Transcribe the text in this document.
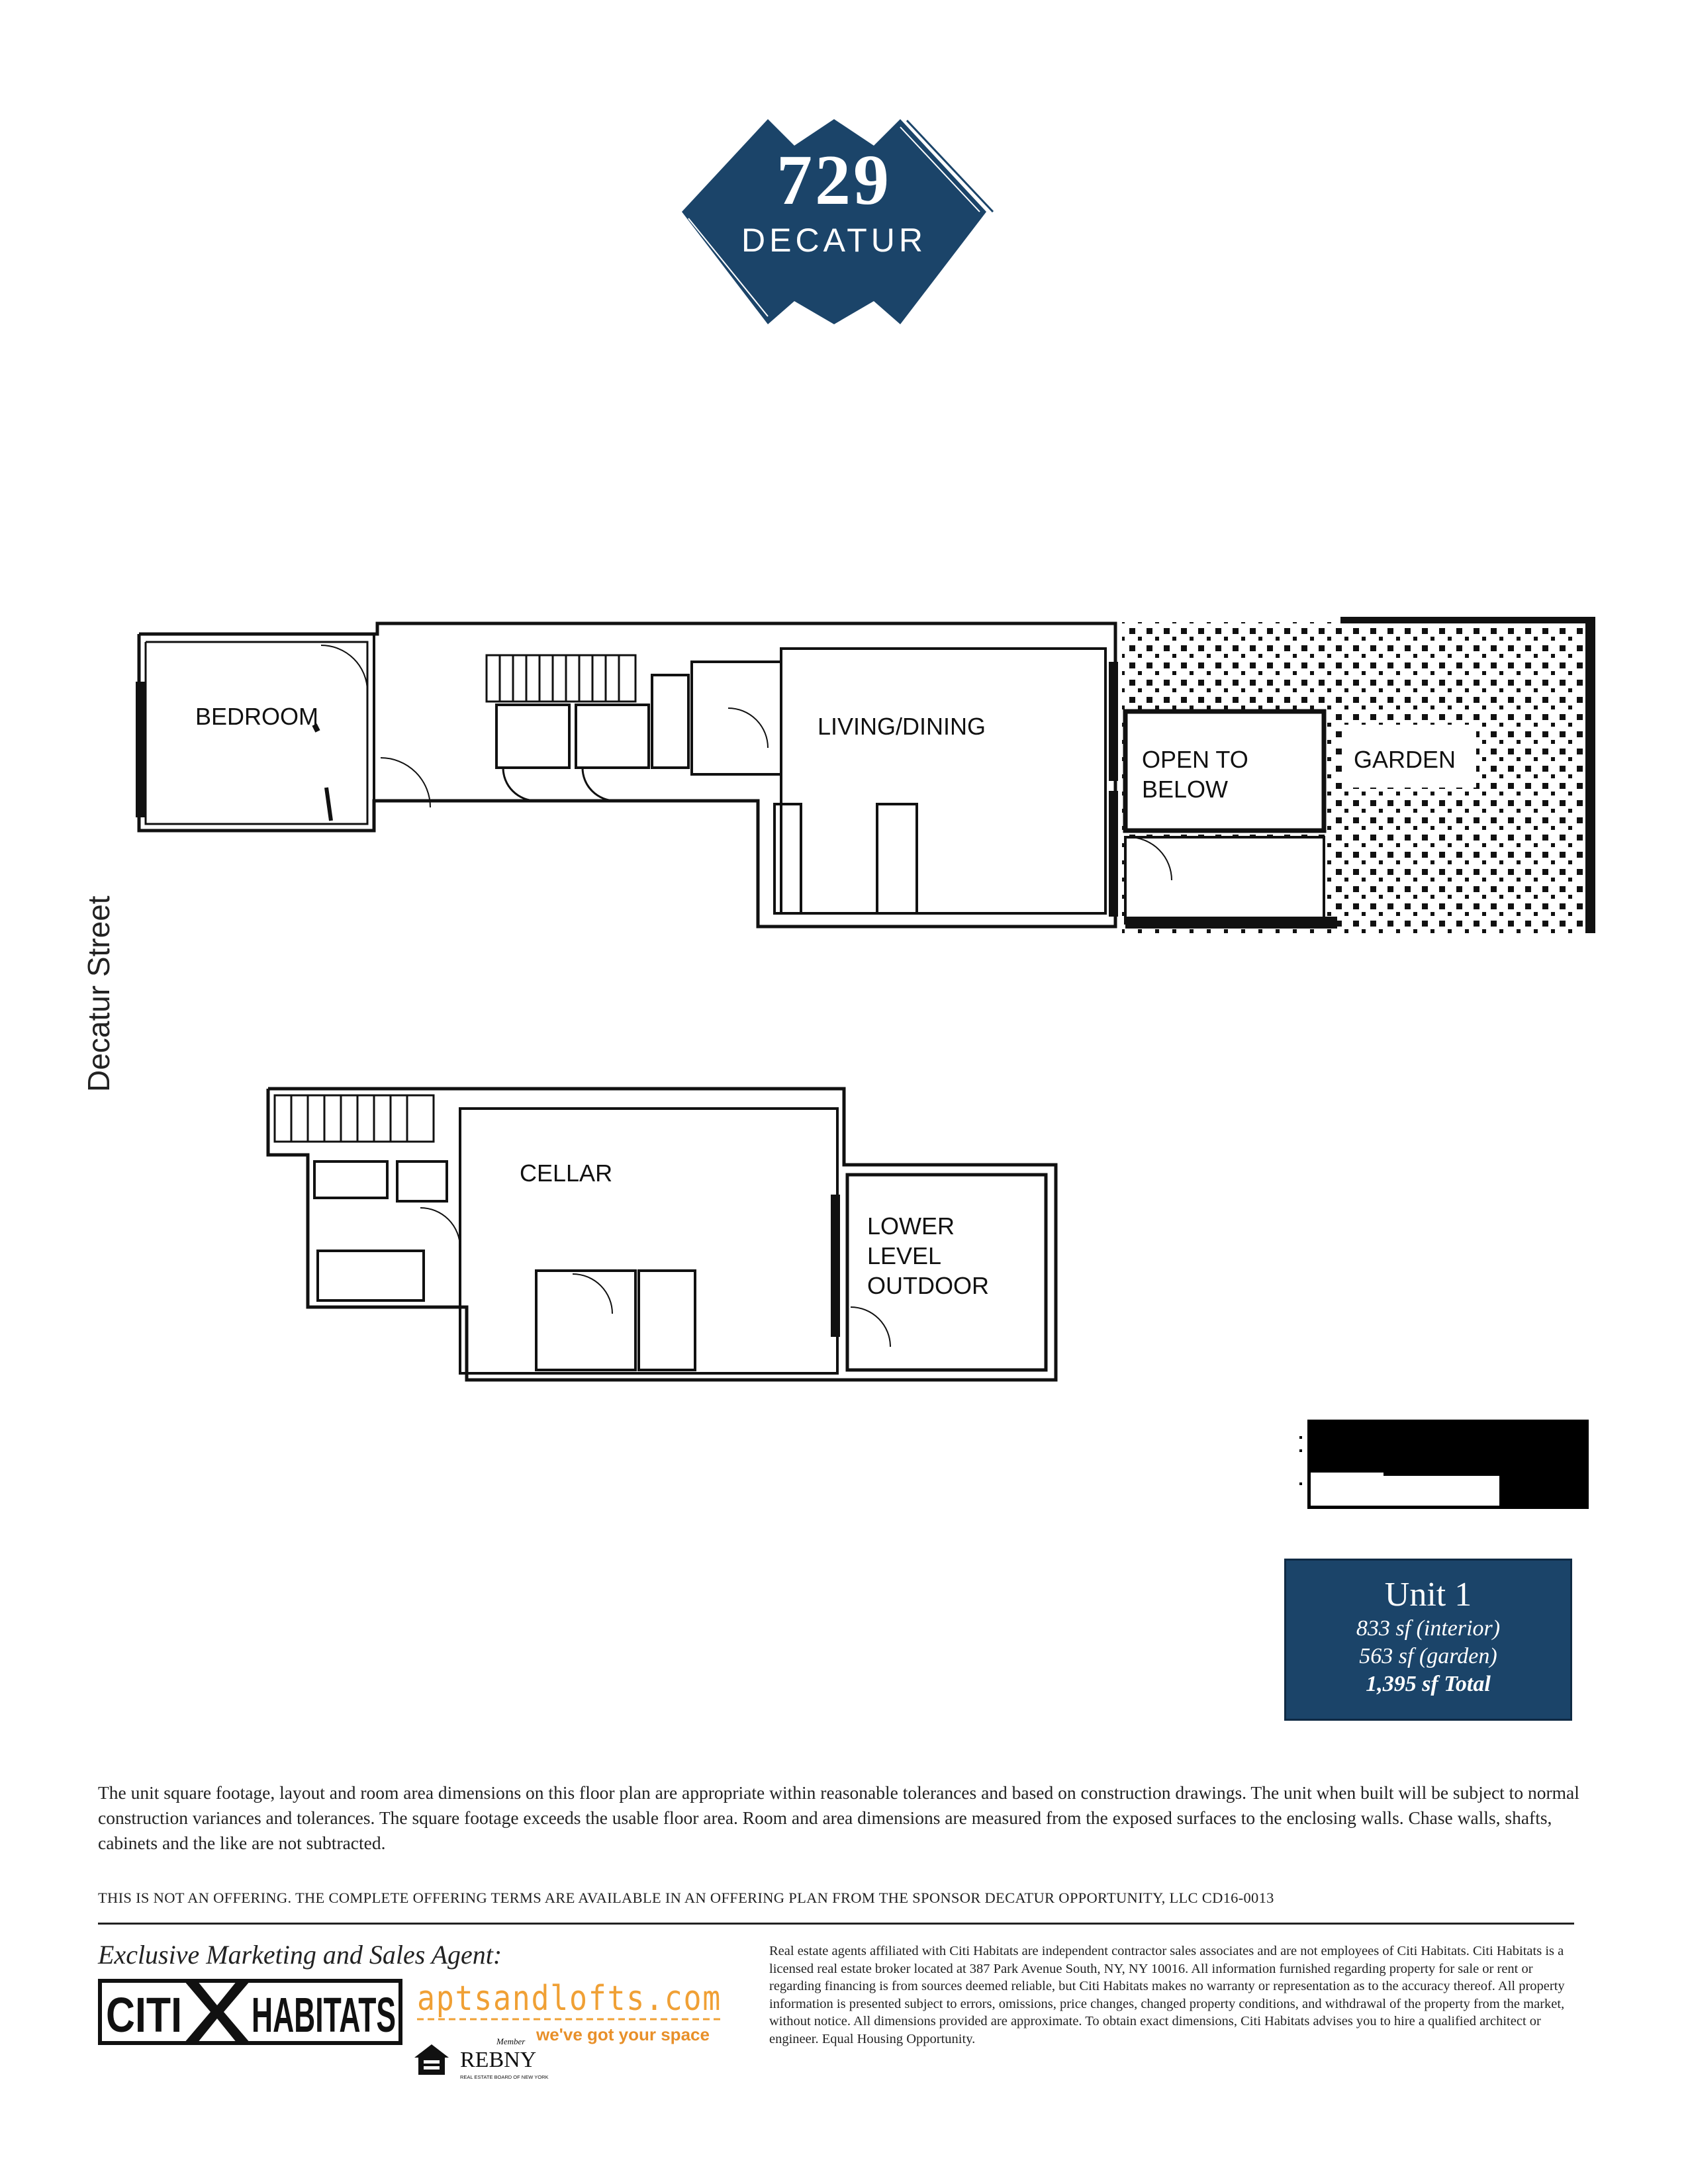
729
DECATUR
Decatur Street
BEDROOM	LIVING/DINING
OPEN TO
BELOW
GARDEN
CELLAR
LOWER
LEVEL
OUTDOOR
Unit 1
833 sf (interior)
563 sf (garden)
1,395 sf Total
The unit square footage, layout and room area dimensions on this floor plan are appropriate within reasonable tolerances and based on construction drawings. The unit when built will be subject to normal construction variances and tolerances. The square footage exceeds the usable floor area. Room and area dimensions are measured from the exposed surfaces to the enclosing walls. Chase walls, shafts, cabinets and the like are not subtracted.
THIS IS NOT AN OFFERING. THE COMPLETE OFFERING TERMS ARE AVAILABLE IN AN OFFERING PLAN FROM THE SPONSOR DECATUR OPPORTUNITY, LLC CD16-0013
Exclusive Marketing and Sales Agent:
CITI HABITATS aptsandlofts.com
we've got your space
Member
REBNY
REAL ESTATE BOARD OF NEW YORK
Real estate agents affiliated with Citi Habitats are independent contractor sales associates and are not employees of Citi Habitats. Citi Habitats is a licensed real estate broker located at 387 Park Avenue South, NY, NY 10016. All information furnished regarding property for sale or rent or regarding financing is from sources deemed reliable, but Citi Habitats makes no warranty or representation as to the accuracy thereof. All property information is presented subject to errors, omissions, price changes, changed property conditions, and withdrawal of the property from the market, without notice. All dimensions provided are approximate. To obtain exact dimensions, Citi Habitats advises you to hire a qualified architect or engineer. Equal Housing Opportunity.
